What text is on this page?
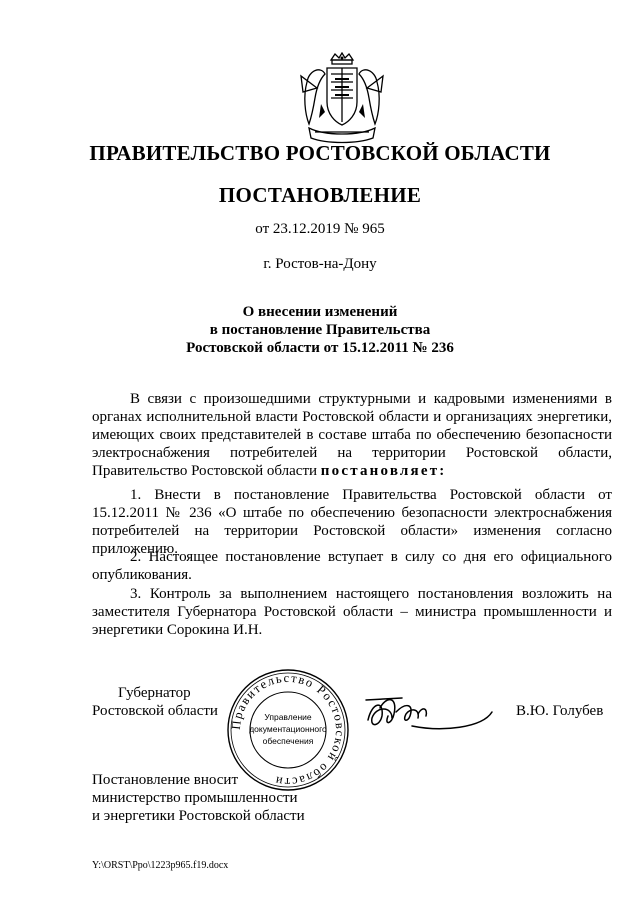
ПРАВИТЕЛЬСТВО РОСТОВСКОЙ ОБЛАСТИ
ПОСТАНОВЛЕНИЕ
от 23.12.2019 № 965
г. Ростов-на-Дону
О внесении изменений
в постановление Правительства
Ростовской области от 15.12.2011 № 236
В связи с произошедшими структурными и кадровыми изменениями в органах исполнительной власти Ростовской области и организациях энергетики, имеющих своих представителей в составе штаба по обеспечению безопасности электроснабжения потребителей на территории Ростовской области, Правительство Ростовской области постановляет:
1. Внести в постановление Правительства Ростовской области от 15.12.2011 № 236 «О штабе по обеспечению безопасности электроснабжения потребителей на территории Ростовской области» изменения согласно приложению.
2. Настоящее постановление вступает в силу со дня его официального опубликования.
3. Контроль за выполнением настоящего постановления возложить на заместителя Губернатора Ростовской области – министра промышленности и энергетики Сорокина И.Н.
Губернатор
Ростовской области
Правительство Ростовской области
Управление
документационного
обеспечения
В.Ю. Голубев
Постановление вносит
министерство промышленности
и энергетики Ростовской области
Y:\ORST\Ppo\1223p965.f19.docx
